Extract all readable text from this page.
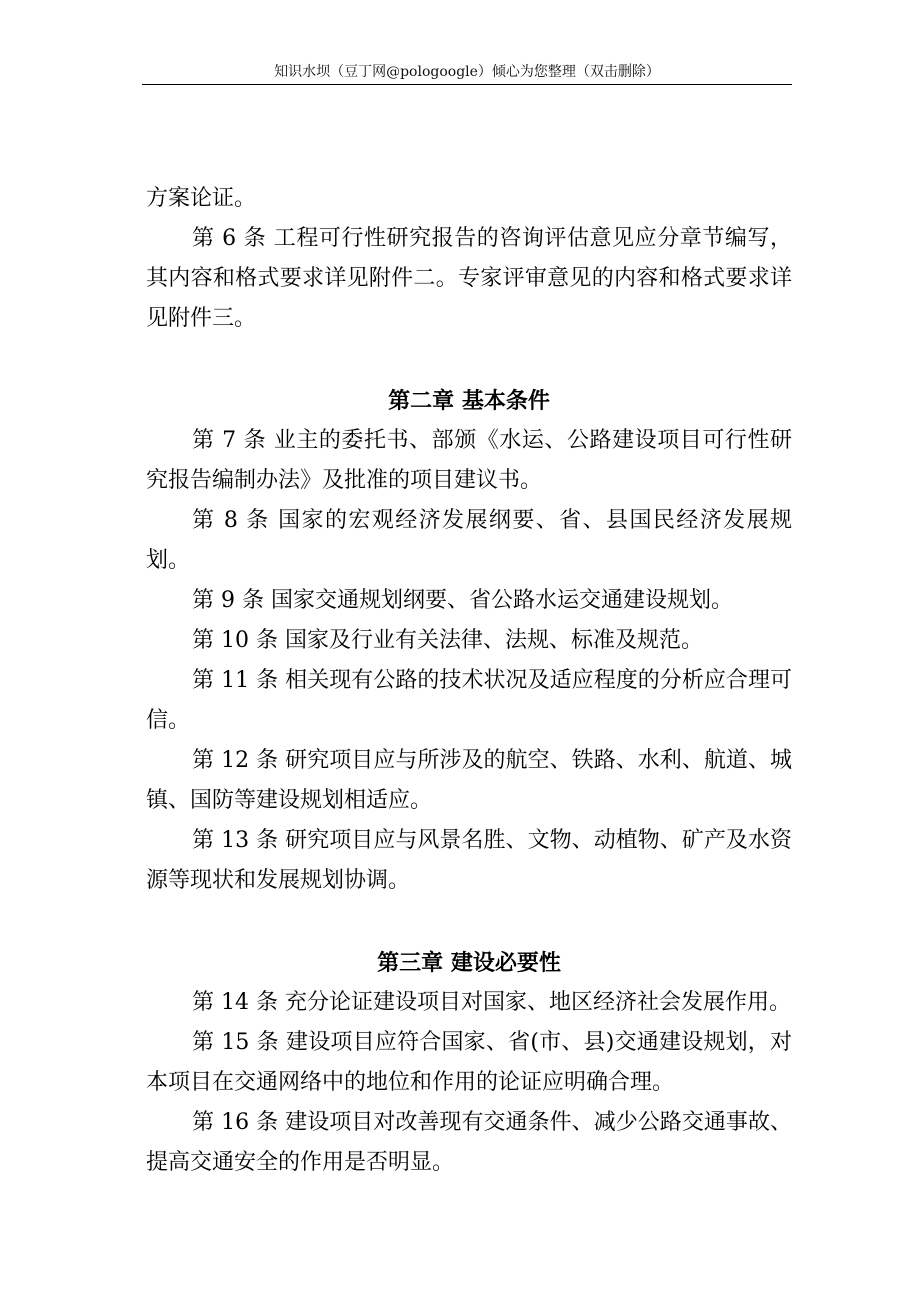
知识水坝（豆丁网@pologoogle）倾心为您整理（双击删除）

方案论证。

第 6 条 工程可行性研究报告的咨询评估意见应分章节编写，其内容和格式要求详见附件二。专家评审意见的内容和格式要求详见附件三。

第二章 基本条件

第 7 条 业主的委托书、部颁《水运、公路建设项目可行性研究报告编制办法》及批准的项目建议书。

第 8 条 国家的宏观经济发展纲要、省、县国民经济发展规划。

第 9 条 国家交通规划纲要、省公路水运交通建设规划。

第 10 条 国家及行业有关法律、法规、标准及规范。

第 11 条 相关现有公路的技术状况及适应程度的分析应合理可信。

第 12 条 研究项目应与所涉及的航空、铁路、水利、航道、城镇、国防等建设规划相适应。

第 13 条 研究项目应与风景名胜、文物、动植物、矿产及水资源等现状和发展规划协调。

第三章 建设必要性

第 14 条 充分论证建设项目对国家、地区经济社会发展作用。

第 15 条 建设项目应符合国家、省(市、县)交通建设规划，对本项目在交通网络中的地位和作用的论证应明确合理。

第 16 条 建设项目对改善现有交通条件、减少公路交通事故、提高交通安全的作用是否明显。
